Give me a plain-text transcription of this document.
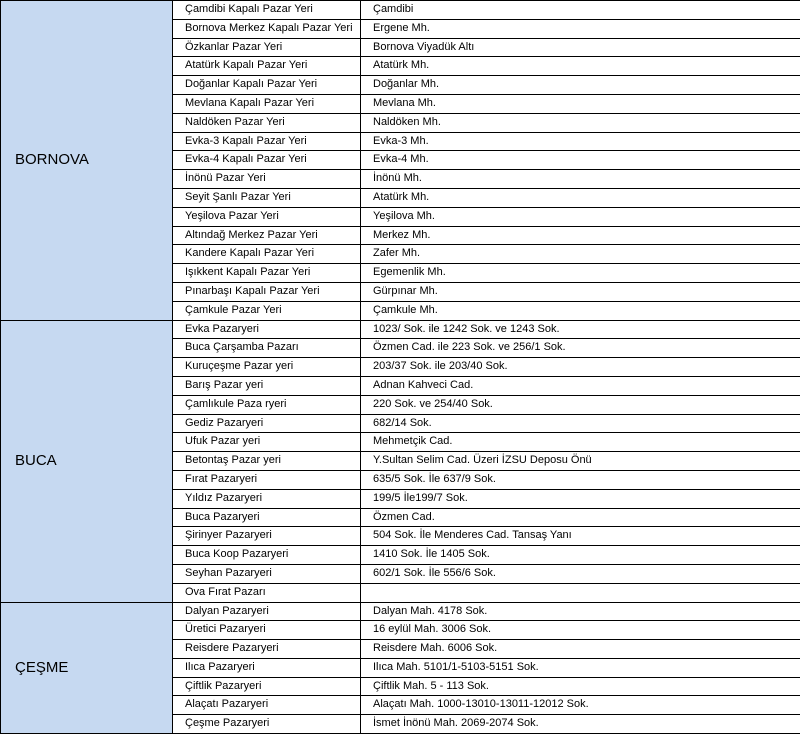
BORNOVA	Çamdibi Kapalı Pazar Yeri	Çamdibi
	Bornova Merkez Kapalı Pazar Yeri	Ergene Mh.
	Özkanlar Pazar Yeri	Bornova Viyadük Altı
	Atatürk Kapalı Pazar Yeri	Atatürk Mh.
	Doğanlar Kapalı Pazar Yeri	Doğanlar Mh.
	Mevlana Kapalı Pazar Yeri	Mevlana Mh.
	Naldöken Pazar Yeri	Naldöken Mh.
	Evka-3 Kapalı Pazar Yeri	Evka-3 Mh.
	Evka-4 Kapalı Pazar Yeri	Evka-4 Mh.
	İnönü Pazar Yeri	İnönü Mh.
	Seyit Şanlı Pazar Yeri	Atatürk Mh.
	Yeşilova Pazar Yeri	Yeşilova Mh.
	Altındağ Merkez Pazar Yeri	Merkez Mh.
	Kandere Kapalı Pazar Yeri	Zafer Mh.
	Işıkkent Kapalı Pazar Yeri	Egemenlik Mh.
	Pınarbaşı Kapalı Pazar Yeri	Gürpınar Mh.
	Çamkule Pazar Yeri	Çamkule Mh.
BUCA	Evka Pazaryeri	1023/ Sok. ile 1242 Sok. ve 1243 Sok.
	Buca Çarşamba Pazarı	Özmen Cad. ile 223 Sok. ve 256/1 Sok.
	Kuruçeşme Pazar yeri	203/37 Sok. ile 203/40 Sok.
	Barış Pazar yeri	Adnan Kahveci Cad.
	Çamlıkule Paza ryeri	220 Sok. ve 254/40 Sok.
	Gediz Pazaryeri	682/14 Sok.
	Ufuk Pazar yeri	Mehmetçik Cad.
	Betontaş Pazar yeri	Y.Sultan Selim Cad. Üzeri İZSU Deposu Önü
	Fırat Pazaryeri	635/5 Sok. İle 637/9 Sok.
	Yıldız Pazaryeri	199/5 İle199/7 Sok.
	Buca Pazaryeri	Özmen Cad.
	Şirinyer Pazaryeri	504 Sok. İle Menderes Cad. Tansaş Yanı
	Buca Koop Pazaryeri	1410 Sok. İle 1405 Sok.
	Seyhan Pazaryeri	602/1 Sok. İle 556/6 Sok.
	Ova Fırat Pazarı	
ÇEŞME	Dalyan Pazaryeri	Dalyan Mah. 4178 Sok.
	Üretici Pazaryeri	16 eylül Mah. 3006 Sok.
	Reisdere Pazaryeri	Reisdere Mah. 6006 Sok.
	Ilıca Pazaryeri	Ilıca Mah. 5101/1-5103-5151 Sok.
	Çiftlik Pazaryeri	Çiftlik Mah. 5 - 113 Sok.
	Alaçatı Pazaryeri	Alaçatı Mah. 1000-13010-13011-12012 Sok.
	Çeşme Pazaryeri	İsmet İnönü Mah. 2069-2074 Sok.
